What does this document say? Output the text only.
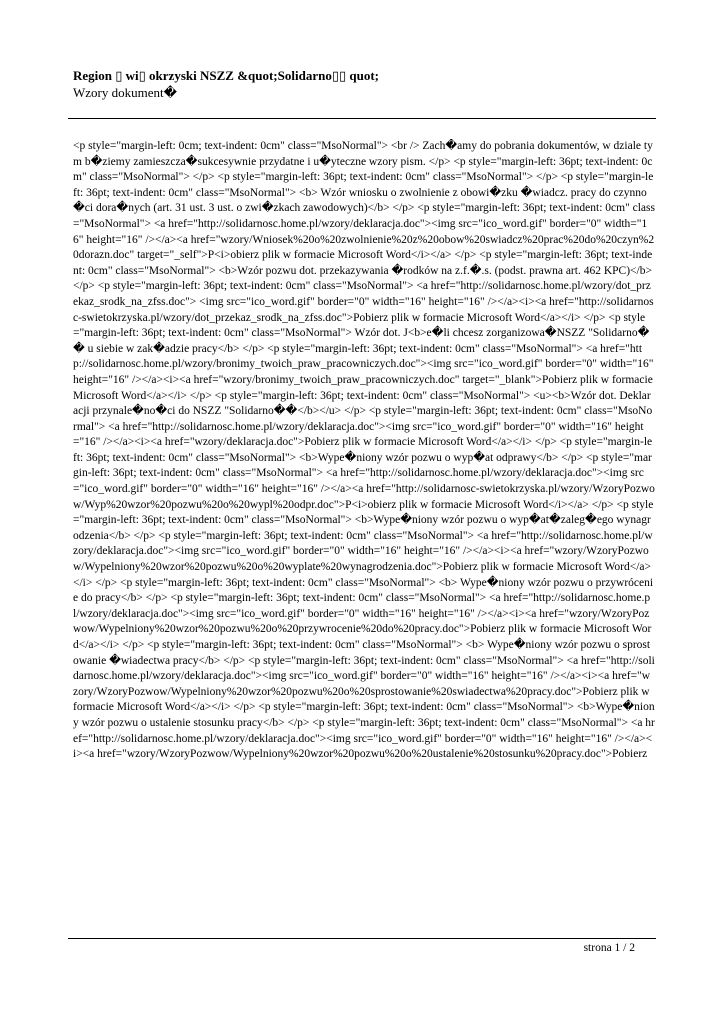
Region ▯ wi▯ okrzyski NSZZ &quot;Solidarno▯▯ quot;
Wzory dokument�
<p style="margin-left: 0cm; text-indent: 0cm" class="MsoNormal"> <br /> Zach�amy do pobrania dokumentów, w dziale tym b�ziemy zamieszcza�sukcesywnie przydatne i u�yteczne wzory pism. </p> <p style="margin-left: 36pt; text-indent: 0cm" class="MsoNormal"> </p> <p style="margin-left: 36pt; text-indent: 0cm" class="MsoNormal"> </p> <p style="margin-left: 36pt; text-indent: 0cm" class="MsoNormal"> <b> Wzór wniosku o zwolnienie z obowi�zku �wiadcz. pracy do czynno�ci dora�nych (art. 31 ust. 3 ust. o zwi�zkach zawodowych)</b> </p> <p style="margin-left: 36pt; text-indent: 0cm" class="MsoNormal"> <a href="http://solidarnosc.home.pl/wzory/deklaracja.doc"><img src="ico_word.gif" border="0" width="16" height="16" /></a><a href="wzory/Wniosek%20o%20zwolnienie%20z%20obow%20swiadcz%20prac%20do%20czyn%20dorazn.doc" target="_self">P<i>obierz plik w formacie Microsoft Word</i></a> </p> <p style="margin-left: 36pt; text-indent: 0cm" class="MsoNormal"> <b>Wzór pozwu dot. przekazywania �rodków na z.f.�.s. (podst. prawna art. 462 KPC)</b> </p> <p style="margin-left: 36pt; text-indent: 0cm" class="MsoNormal"> <a href="http://solidarnosc.home.pl/wzory/dot_przekaz_srodk_na_zfss.doc"> <img src="ico_word.gif" border="0" width="16" height="16" /></a><i><a href="http://solidarnosc-swietokrzyska.pl/wzory/dot_przekaz_srodk_na_zfss.doc">Pobierz plik w formacie Microsoft Word</a></i> </p> <p style="margin-left: 36pt; text-indent: 0cm" class="MsoNormal"> Wzór dot. J<b>e�li chcesz zorganizowa�NSZZ "Solidarno�� u siebie w zak�adzie pracy</b> </p> <p style="margin-left: 36pt; text-indent: 0cm" class="MsoNormal"> <a href="http://solidarnosc.home.pl/wzory/bronimy_twoich_praw_pracowniczych.doc"><img src="ico_word.gif" border="0" width="16" height="16" /></a><i><a href="wzory/bronimy_twoich_praw_pracowniczych.doc" target="_blank">Pobierz plik w formacie Microsoft Word</a></i> </p> <p style="margin-left: 36pt; text-indent: 0cm" class="MsoNormal"> <u><b>Wzór dot. Deklaracji przynale�no�ci do NSZZ "Solidarno��</b></u> </p> <p style="margin-left: 36pt; text-indent: 0cm" class="MsoNormal"> <a href="http://solidarnosc.home.pl/wzory/deklaracja.doc"><img src="ico_word.gif" border="0" width="16" height="16" /></a><i><a href="wzory/deklaracja.doc">Pobierz plik w formacie Microsoft Word</a></i> </p> <p style="margin-left: 36pt; text-indent: 0cm" class="MsoNormal"> <b>Wype�niony wzór pozwu o wyp�at odprawy</b> </p> <p style="margin-left: 36pt; text-indent: 0cm" class="MsoNormal"> <a href="http://solidarnosc.home.pl/wzory/deklaracja.doc"><img src="ico_word.gif" border="0" width="16" height="16" /></a><a href="http://solidarnosc-swietokrzyska.pl/wzory/WzoryPozwow/Wyp%20wzor%20pozwu%20o%20wypl%20odpr.doc">P<i>obierz plik w formacie Microsoft Word</i></a> </p> <p style="margin-left: 36pt; text-indent: 0cm" class="MsoNormal"> <b>Wype�niony wzór pozwu o wyp�at�zaleg�ego wynagrodzenia</b> </p> <p style="margin-left: 36pt; text-indent: 0cm" class="MsoNormal"> <a href="http://solidarnosc.home.pl/wzory/deklaracja.doc"><img src="ico_word.gif" border="0" width="16" height="16" /></a><i><a href="wzory/WzoryPozwow/Wypelniony%20wzor%20pozwu%20o%20wyplate%20wynagrodzenia.doc">Pobierz plik w formacie Microsoft Word</a></i> </p> <p style="margin-left: 36pt; text-indent: 0cm" class="MsoNormal"> <b> Wype�niony wzór pozwu o przywrócenie do pracy</b> </p> <p style="margin-left: 36pt; text-indent: 0cm" class="MsoNormal"> <a href="http://solidarnosc.home.pl/wzory/deklaracja.doc"><img src="ico_word.gif" border="0" width="16" height="16" /></a><i><a href="wzory/WzoryPozwow/Wypelniony%20wzor%20pozwu%20o%20przywrocenie%20do%20pracy.doc">Pobierz plik w formacie Microsoft Word</a></i> </p> <p style="margin-left: 36pt; text-indent: 0cm" class="MsoNormal"> <b> Wype�niony wzór pozwu o sprostowanie �wiadectwa pracy</b> </p> <p style="margin-left: 36pt; text-indent: 0cm" class="MsoNormal"> <a href="http://solidarnosc.home.pl/wzory/deklaracja.doc"><img src="ico_word.gif" border="0" width="16" height="16" /></a><i><a href="wzory/WzoryPozwow/Wypelniony%20wzor%20pozwu%20o%20sprostowanie%20swiadectwa%20pracy.doc">Pobierz plik w formacie Microsoft Word</a></i> </p> <p style="margin-left: 36pt; text-indent: 0cm" class="MsoNormal"> <b>Wype�niony wzór pozwu o ustalenie stosunku pracy</b> </p> <p style="margin-left: 36pt; text-indent: 0cm" class="MsoNormal"> <a href="http://solidarnosc.home.pl/wzory/deklaracja.doc"><img src="ico_word.gif" border="0" width="16" height="16" /></a><i><a href="wzory/WzoryPozwow/Wypelniony%20wzor%20pozwu%20o%20ustalenie%20stosunku%20pracy.doc">Pobierz
strona 1 / 2
